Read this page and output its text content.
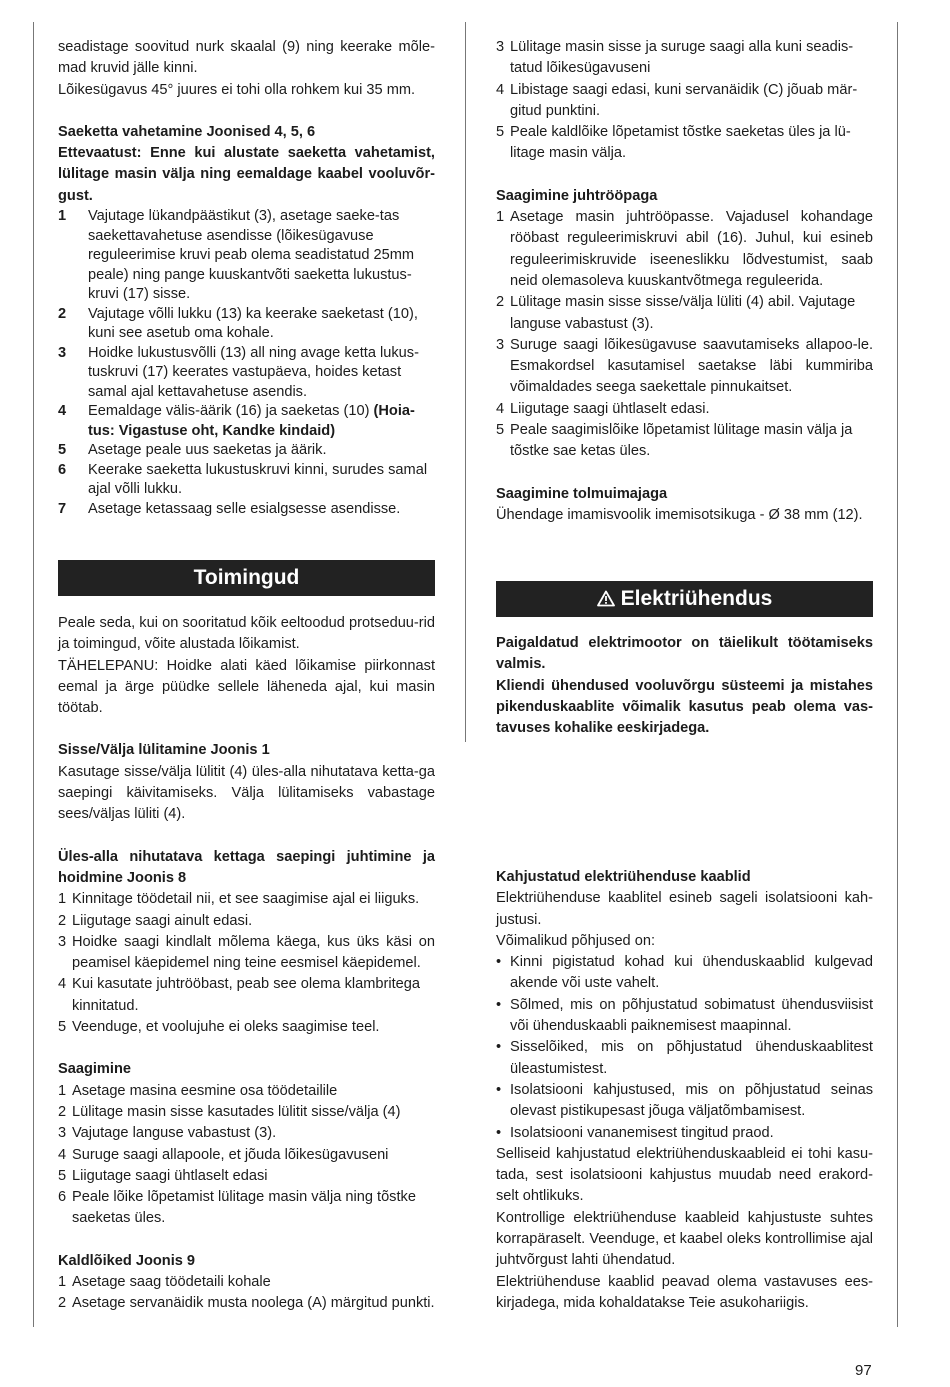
seadistage soovitud nurk skaalal (9) ning keerake mõle-mad kruvid jälle kinni.

Lõikesügavus 45° juures ei tohi olla rohkem kui 35 mm.

Saeketta vahetamine Joonised 4, 5, 6

Ettevaatust: Enne kui alustate saeketta vahetamist, lülitage masin välja ning eemaldage kaabel vooluvõr-gust.

1	Vajutage lükandpäästikut (3), asetage saeke-tas saekettavahetuse asendisse (lõikesügavuse reguleerimise kruvi peab olema seadistatud 25mm peale) ning pange kuuskantvõti saeketta lukustus-kruvi (17) sisse.
2	Vajutage võlli lukku (13) ka keerake saeketast (10), kuni see asetub oma kohale.
3	Hoidke lukustusvõlli (13) all ning avage ketta lukus-tuskruvi (17) keerates vastupäeva, hoides ketast samal ajal kettavahetuse asendis.
4	Eemaldage välis-äärik (16) ja saeketas (10) (Hoia-tus: Vigastuse oht, Kandke kindaid)
5	Asetage peale uus saeketas ja äärik.
6	Keerake saeketta lukustuskruvi kinni, surudes samal ajal võlli lukku.
7	Asetage ketassaag selle esialgsesse asendisse.
Toimingud

Peale seda, kui on sooritatud kõik eeltoodud protseduu-rid ja toimingud, võite alustada lõikamist.

TÄHELEPANU: Hoidke alati käed lõikamise piirkonnast eemal ja ärge püüdke sellele läheneda ajal, kui masin töötab.

Sisse/Välja lülitamine Joonis 1

Kasutage sisse/välja lülitit (4) üles-alla nihutatava ketta-ga saepingi käivitamiseks. Välja lülitamiseks vabastage sees/väljas lüliti (4).

Üles-alla nihutatava kettaga saepingi juhtimine ja hoidmine Joonis 8

1 Kinnitage töödetail nii, et see saagimise ajal ei liiguks.
2 Liigutage saagi ainult edasi.
3 Hoidke saagi kindlalt mõlema käega, kus üks käsi on peamisel käepidemel ning teine eesmisel käepidemel.
4 Kui kasutate juhtrööbast, peab see olema klambritega kinnitatud.
5 Veenduge, et voolujuhe ei oleks saagimise teel.

Saagimine

1 Asetage masina eesmine osa töödetailile
2 Lülitage masin sisse kasutades lülitit sisse/välja (4)
3 Vajutage languse vabastust (3).
4 Suruge saagi allapoole, et jõuda lõikesügavuseni
5 Liigutage saagi ühtlaselt edasi
6 Peale lõike lõpetamist lülitage masin välja ning tõstke saeketas üles.

Kaldlõiked Joonis 9

1 Asetage saag töödetaili kohale
2 Asetage servanäidik musta noolega (A) märgitud punkti.
3 Lülitage masin sisse ja suruge saagi alla kuni seadis-tatud lõikesügavuseni
4 Libistage saagi edasi, kuni servanäidik (C) jõuab mär-gitud punktini.
5 Peale kaldlõike lõpetamist tõstke saeketas üles ja lü-litage masin välja.

Saagimine juhtrööpaga

1 Asetage masin juhtrööpasse. Vajadusel kohandage rööbast reguleerimiskruvi abil (16). Juhul, kui esineb reguleerimiskruvide iseeneslikku lõdvestumist, saab neid olemasoleva kuuskantvõtmega reguleerida.
2 Lülitage masin sisse sisse/välja lüliti (4) abil. Vajutage languse vabastust (3).
3 Suruge saagi lõikesügavuse saavutamiseks allapoo-le. Esmakordsel kasutamisel saetakse läbi kummiriba võimaldades seega saekettale pinnukaitset.
4 Liigutage saagi ühtlaselt edasi.
5 Peale saagimislõike lõpetamist lülitage masin välja ja tõstke sae ketas üles.

Saagimine tolmuimajaga

Ühendage imamisvoolik imemisotsikuga - Ø 38 mm (12).

Elektriühendus

Paigaldatud elektrimootor on täielikult töötamiseks valmis.

Kliendi ühendused vooluvõrgu süsteemi ja mistahes pikenduskaablite võimalik kasutus peab olema vas-tavuses kohalike eeskirjadega.

Kahjustatud elektriühenduse kaablid

Elektriühenduse kaablitel esineb sageli isolatsiooni kah-justusi.

Võimalikud põhjused on:

• Kinni pigistatud kohad kui ühenduskaablid kulgevad akende või uste vahelt.
• Sõlmed, mis on põhjustatud sobimatust ühendusviisist või ühenduskaabli paiknemisest maapinnal.
• Sisselõiked, mis on põhjustatud ühenduskaablitest üleastumistest.
• Isolatsiooni kahjustused, mis on põhjustatud seinas olevast pistikupesast jõuga väljatõmbamisest.
• Isolatsiooni vananemisest tingitud praod.

Selliseid kahjustatud elektriühenduskaableid ei tohi kasu-tada, sest isolatsiooni kahjustus muudab need erakord-selt ohtlikuks.

Kontrollige elektriühenduse kaableid kahjustuste suhtes korrapäraselt. Veenduge, et kaabel oleks kontrollimise ajal juhtvõrgust lahti ühendatud.

Elektriühenduse kaablid peavad olema vastavuses ees-kirjadega, mida kohaldatakse Teie asukohariigis.

97
